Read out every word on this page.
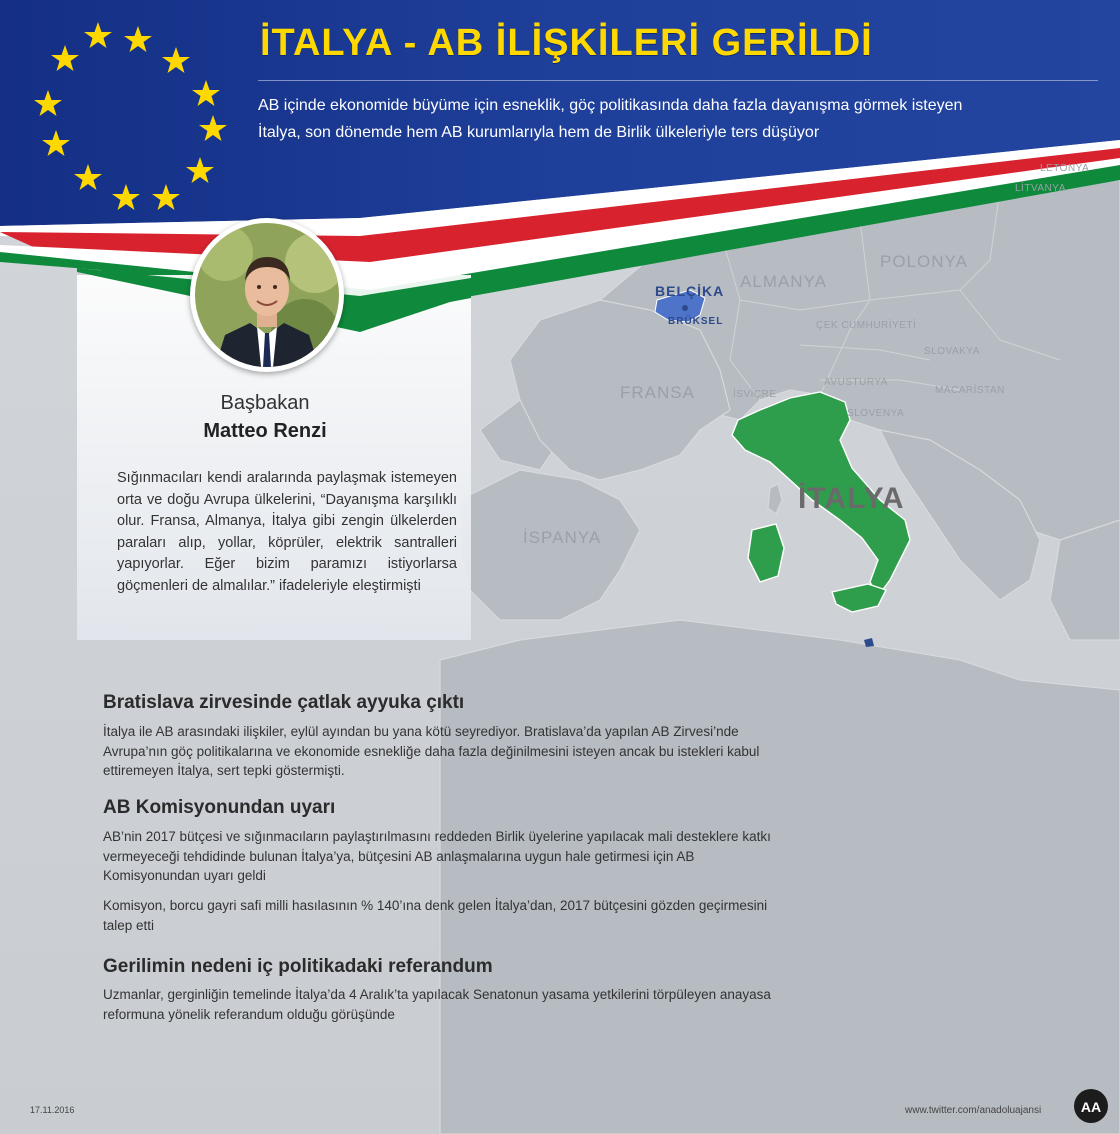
LETONYA
LİTVANYA
POLONYA
ALMANYA
BELÇİKA
BRÜKSEL	ÇEK CUMHURİYETİ
SLOVAKYA
AVUSTURYA
MACARİSTAN
İSVİÇRE
SLOVENYA
FRANSA
İSPANYA
İTALYA
İTALYA - AB İLİŞKİLERİ GERİLDİ
AB içinde ekonomide büyüme için esneklik, göç politikasında daha fazla dayanışma görmek isteyen
İtalya, son dönemde hem AB kurumlarıyla hem de Birlik ülkeleriyle ters düşüyor
Başbakan
Matteo Renzi
Sığınmacıları kendi aralarında paylaşmak istemeyen orta ve doğu Avrupa ülkelerini, “Dayanışma karşılıklı olur. Fransa, Almanya, İtalya gibi zengin ülkelerden paraları alıp, yollar, köprüler, elektrik santralleri yapıyorlar. Eğer bizim paramızı istiyorlarsa göçmenleri de almalılar.” ifadeleriyle eleştirmişti
Bratislava zirvesinde çatlak ayyuka çıktı
İtalya ile AB arasındaki ilişkiler, eylül ayından bu yana kötü seyrediyor. Bratislava’da yapılan AB Zirvesi’nde Avrupa’nın göç politikalarına ve ekonomide esnekliğe daha fazla değinilmesini isteyen ancak bu istekleri kabul ettiremeyen İtalya, sert tepki göstermişti.
AB Komisyonundan uyarı
AB’nin 2017 bütçesi ve sığınmacıların paylaştırılmasını reddeden Birlik üyelerine yapılacak mali desteklere katkı vermeyeceği tehdidinde bulunan İtalya’ya, bütçesini AB anlaşmalarına uygun hale getirmesi için AB Komisyonundan uyarı geldi
Komisyon, borcu gayri safi milli hasılasının % 140’ına denk gelen İtalya’dan, 2017 bütçesini gözden geçirmesini talep etti
Gerilimin nedeni iç politikadaki referandum
Uzmanlar, gerginliğin temelinde İtalya’da 4 Aralık’ta yapılacak Senatonun yasama yetkilerini törpüleyen anayasa reformuna yönelik referandum olduğu görüşünde
17.11.2016	www.twitter.com/anadoluajansi	AA
